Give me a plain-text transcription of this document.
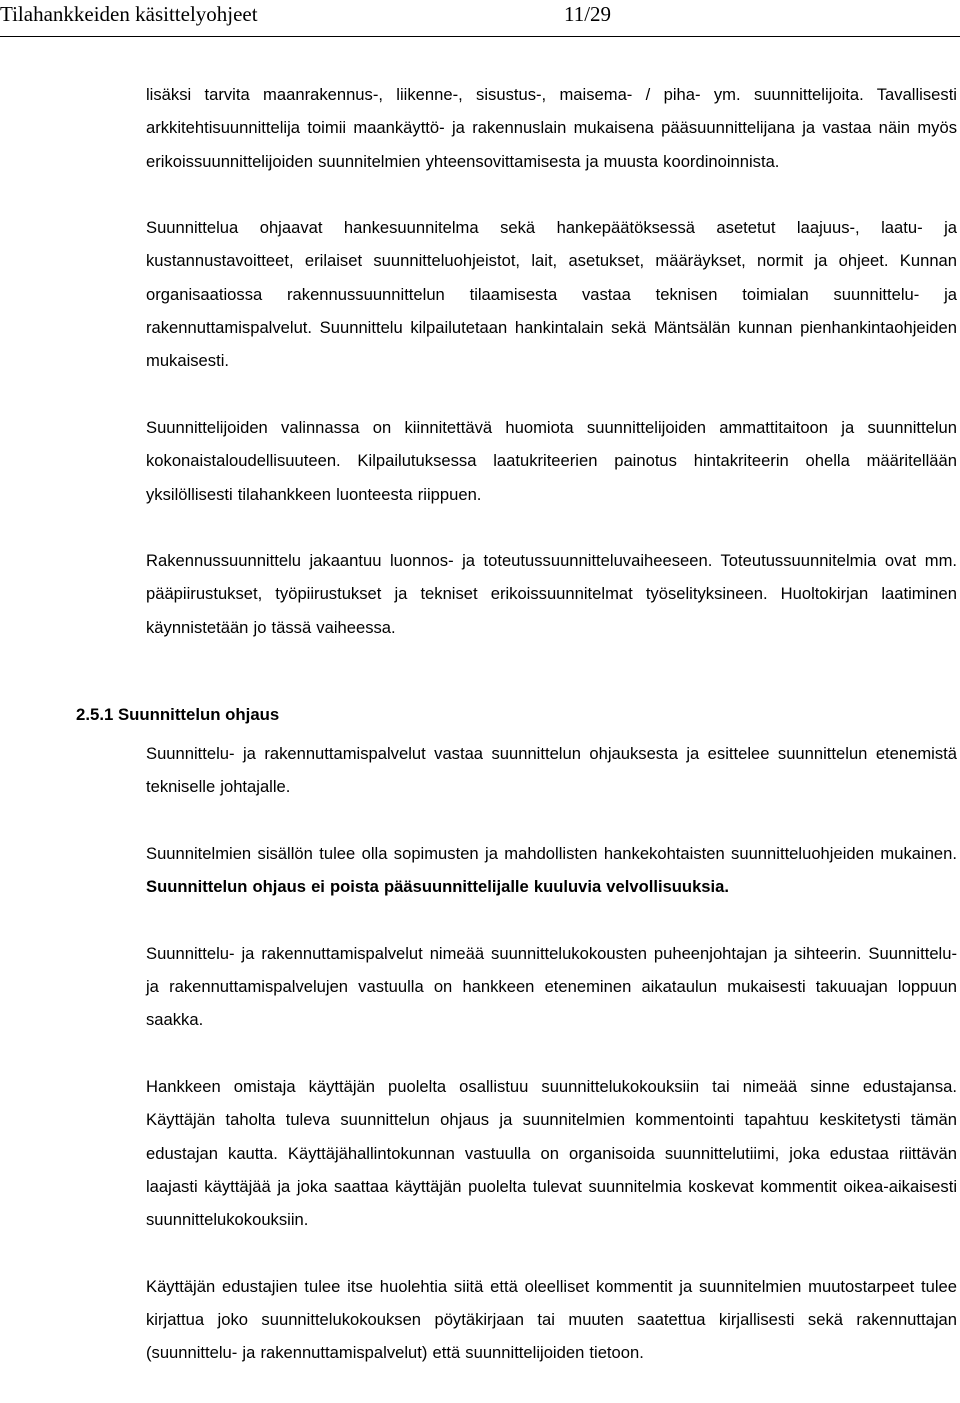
Tilahankkeiden käsittelyohjeet	11/29

lisäksi tarvita maanrakennus-, liikenne-, sisustus-, maisema- / piha- ym. suunnittelijoita. Tavallisesti arkkitehtisuunnittelija toimii maankäyttö- ja rakennuslain mukaisena pääsuunnittelijana ja vastaa näin myös erikoissuunnittelijoiden suunnitelmien yhteensovittamisesta ja muusta koordinoinnista.

Suunnittelua ohjaavat hankesuunnitelma sekä hankepäätöksessä asetetut laajuus-, laatu- ja kustannustavoitteet, erilaiset suunnitteluohjeistot, lait, asetukset, määräykset, normit ja ohjeet. Kunnan organisaatiossa rakennussuunnittelun tilaamisesta vastaa teknisen toimialan suunnittelu- ja rakennuttamispalvelut. Suunnittelu kilpailutetaan hankintalain sekä Mäntsälän kunnan pienhankintaohjeiden mukaisesti.

Suunnittelijoiden valinnassa on kiinnitettävä huomiota suunnittelijoiden ammattitaitoon ja suunnittelun kokonaistaloudellisuuteen. Kilpailutuksessa laatukriteerien painotus hintakriteerin ohella määritellään yksilöllisesti tilahankkeen luonteesta riippuen.

Rakennussuunnittelu jakaantuu luonnos- ja toteutussuunnitteluvaiheeseen. Toteutussuunnitelmia ovat mm. pääpiirustukset, työpiirustukset ja tekniset erikoissuunnitelmat työselityksineen. Huoltokirjan laatiminen käynnistetään jo tässä vaiheessa.

2.5.1 Suunnittelun ohjaus

Suunnittelu- ja rakennuttamispalvelut vastaa suunnittelun ohjauksesta ja esittelee suunnittelun etenemistä tekniselle johtajalle.

Suunnitelmien sisällön tulee olla sopimusten ja mahdollisten hankekohtaisten suunnitteluohjeiden mukainen. Suunnittelun ohjaus ei poista pääsuunnittelijalle kuuluvia velvollisuuksia.

Suunnittelu- ja rakennuttamispalvelut nimeää suunnittelukokousten puheenjohtajan ja sihteerin. Suunnittelu- ja rakennuttamispalvelujen vastuulla on hankkeen eteneminen aikataulun mukaisesti takuuajan loppuun saakka.

Hankkeen omistaja käyttäjän puolelta osallistuu suunnittelukokouksiin tai nimeää sinne edustajansa. Käyttäjän taholta tuleva suunnittelun ohjaus ja suunnitelmien kommentointi tapahtuu keskitetysti tämän edustajan kautta. Käyttäjähallintokunnan vastuulla on organisoida suunnittelutiimi, joka edustaa riittävän laajasti käyttäjää ja joka saattaa käyttäjän puolelta tulevat suunnitelmia koskevat kommentit oikea-aikaisesti suunnittelukokouksiin.

Käyttäjän edustajien tulee itse huolehtia siitä että oleelliset kommentit ja suunnitelmien muutostarpeet tulee kirjattua joko suunnittelukokouksen pöytäkirjaan tai muuten saatettua kirjallisesti sekä rakennuttajan (suunnittelu- ja rakennuttamispalvelut) että suunnittelijoiden tietoon.
